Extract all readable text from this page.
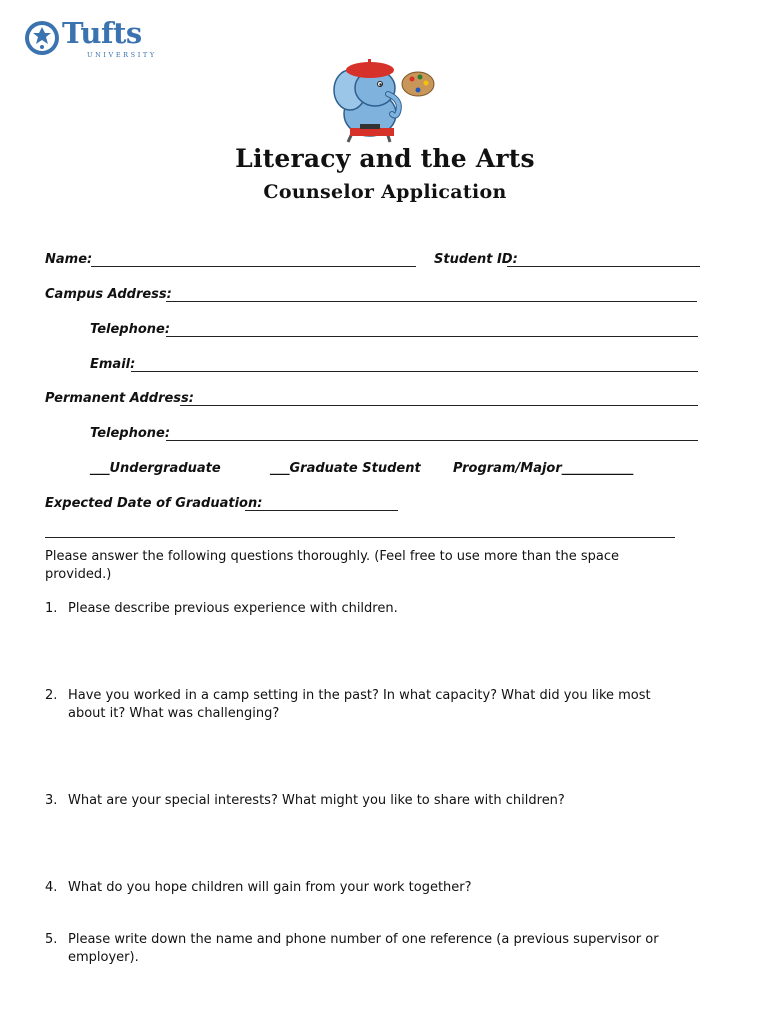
Tufts
UNIVERSITY
Literacy and the Arts
Counselor Application
Name:	Student ID:
Campus Address:
Telephone:
Email:
Permanent Address:
Telephone:
___Undergraduate	___Graduate Student Program/Major___________
Expected Date of Graduation:
Please answer the following questions thoroughly. (Feel free to use more than the space provided.)
1. Please describe previous experience with children.
2. Have you worked in a camp setting in the past? In what capacity? What did you like most about it? What was challenging?
3. What are your special interests? What might you like to share with children?
4. What do you hope children will gain from your work together?
5. Please write down the name and phone number of one reference (a previous supervisor or employer).
